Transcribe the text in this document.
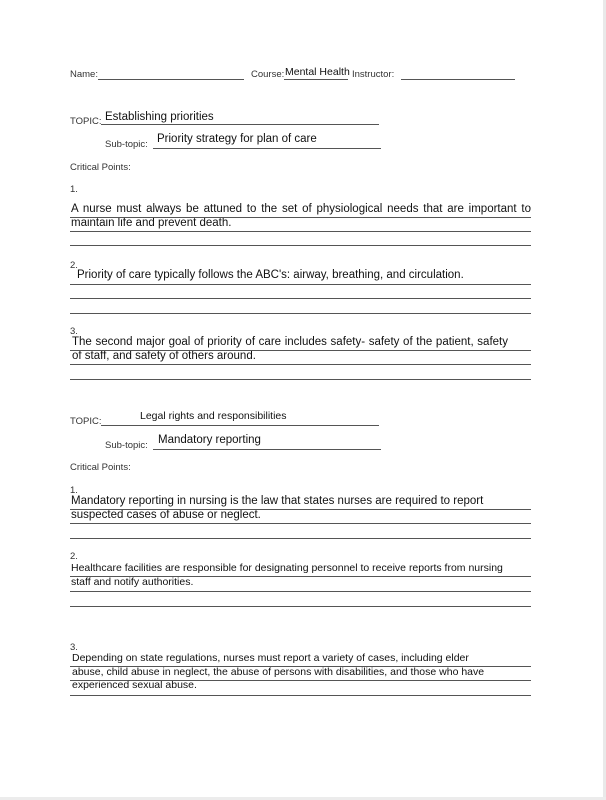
Name:	Course: Mental Health Instructor:
TOPIC: Establishing priorities
Sub-topic: Priority strategy for plan of care
Critical Points:
1.
A nurse must always be attuned to the set of physiological needs that are important to maintain life and prevent death.
2.
Priority of care typically follows the ABC's: airway, breathing, and circulation.
3.
The second major goal of priority of care includes safety- safety of the patient, safety of staff, and safety of others around.
TOPIC:	Legal rights and responsibilities
Sub-topic: Mandatory reporting
Critical Points:
1.
Mandatory reporting in nursing is the law that states nurses are required to report suspected cases of abuse or neglect.
2.
Healthcare facilities are responsible for designating personnel to receive reports from nursing staff and notify authorities.
3.
Depending on state regulations, nurses must report a variety of cases, including elder abuse, child abuse in neglect, the abuse of persons with disabilities, and those who have experienced sexual abuse.
